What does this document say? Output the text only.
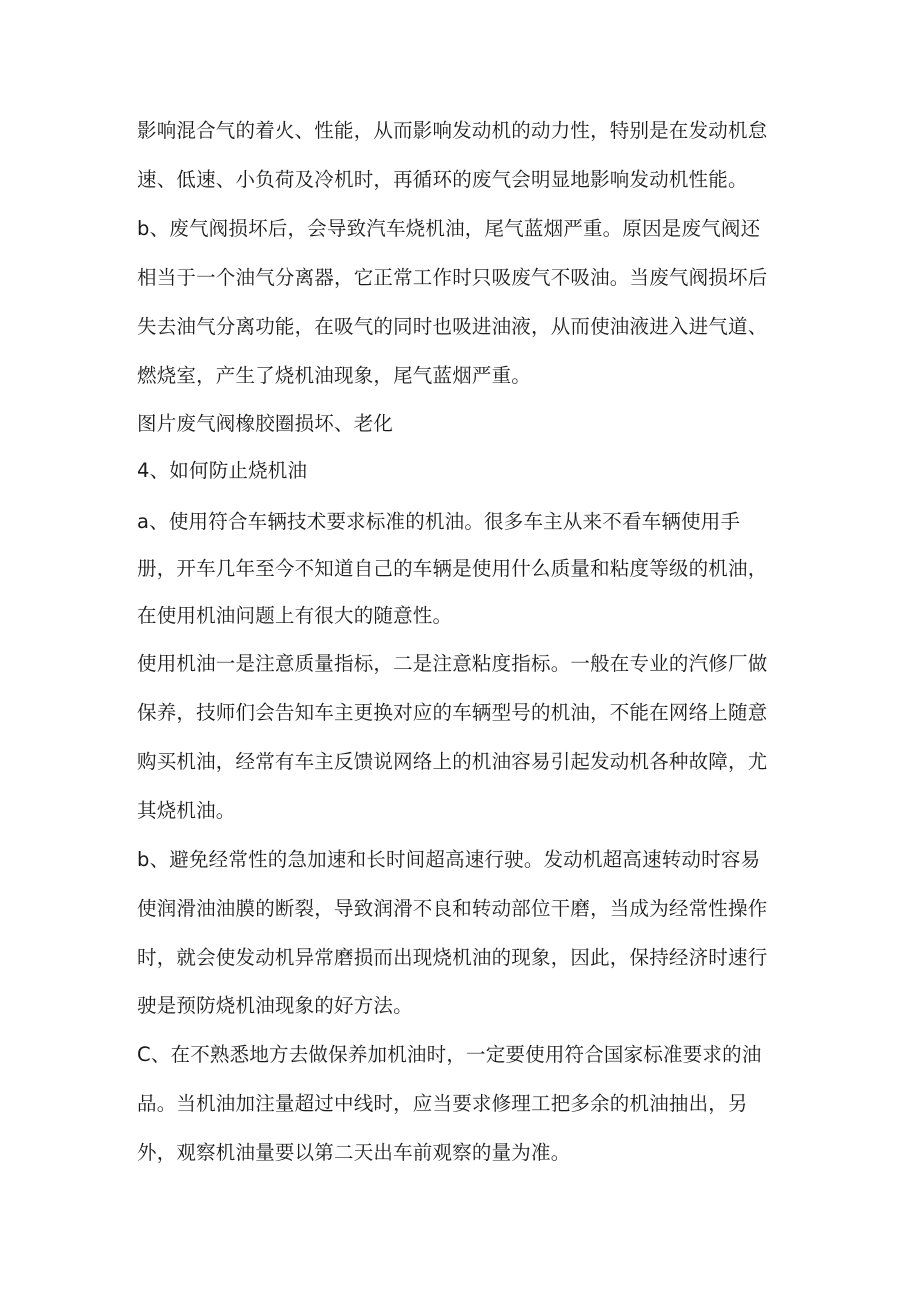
影响混合气的着火、性能，从而影响发动机的动力性，特别是在发动机怠
速、低速、小负荷及冷机时，再循环的废气会明显地影响发动机性能。
b、废气阀损坏后，会导致汽车烧机油，尾气蓝烟严重。原因是废气阀还
相当于一个油气分离器，它正常工作时只吸废气不吸油。当废气阀损坏后
失去油气分离功能，在吸气的同时也吸进油液，从而使油液进入进气道、
燃烧室，产生了烧机油现象，尾气蓝烟严重。
图片废气阀橡胶圈损坏、老化
4、如何防止烧机油
a、使用符合车辆技术要求标准的机油。很多车主从来不看车辆使用手
册，开车几年至今不知道自己的车辆是使用什么质量和粘度等级的机油，
在使用机油问题上有很大的随意性。
使用机油一是注意质量指标，二是注意粘度指标。一般在专业的汽修厂做
保养，技师们会告知车主更换对应的车辆型号的机油，不能在网络上随意
购买机油，经常有车主反馈说网络上的机油容易引起发动机各种故障，尤
其烧机油。
b、避免经常性的急加速和长时间超高速行驶。发动机超高速转动时容易
使润滑油油膜的断裂，导致润滑不良和转动部位干磨，当成为经常性操作
时，就会使发动机异常磨损而出现烧机油的现象，因此，保持经济时速行
驶是预防烧机油现象的好方法。
C、在不熟悉地方去做保养加机油时，一定要使用符合国家标准要求的油
品。当机油加注量超过中线时，应当要求修理工把多余的机油抽出，另
外，观察机油量要以第二天出车前观察的量为准。
